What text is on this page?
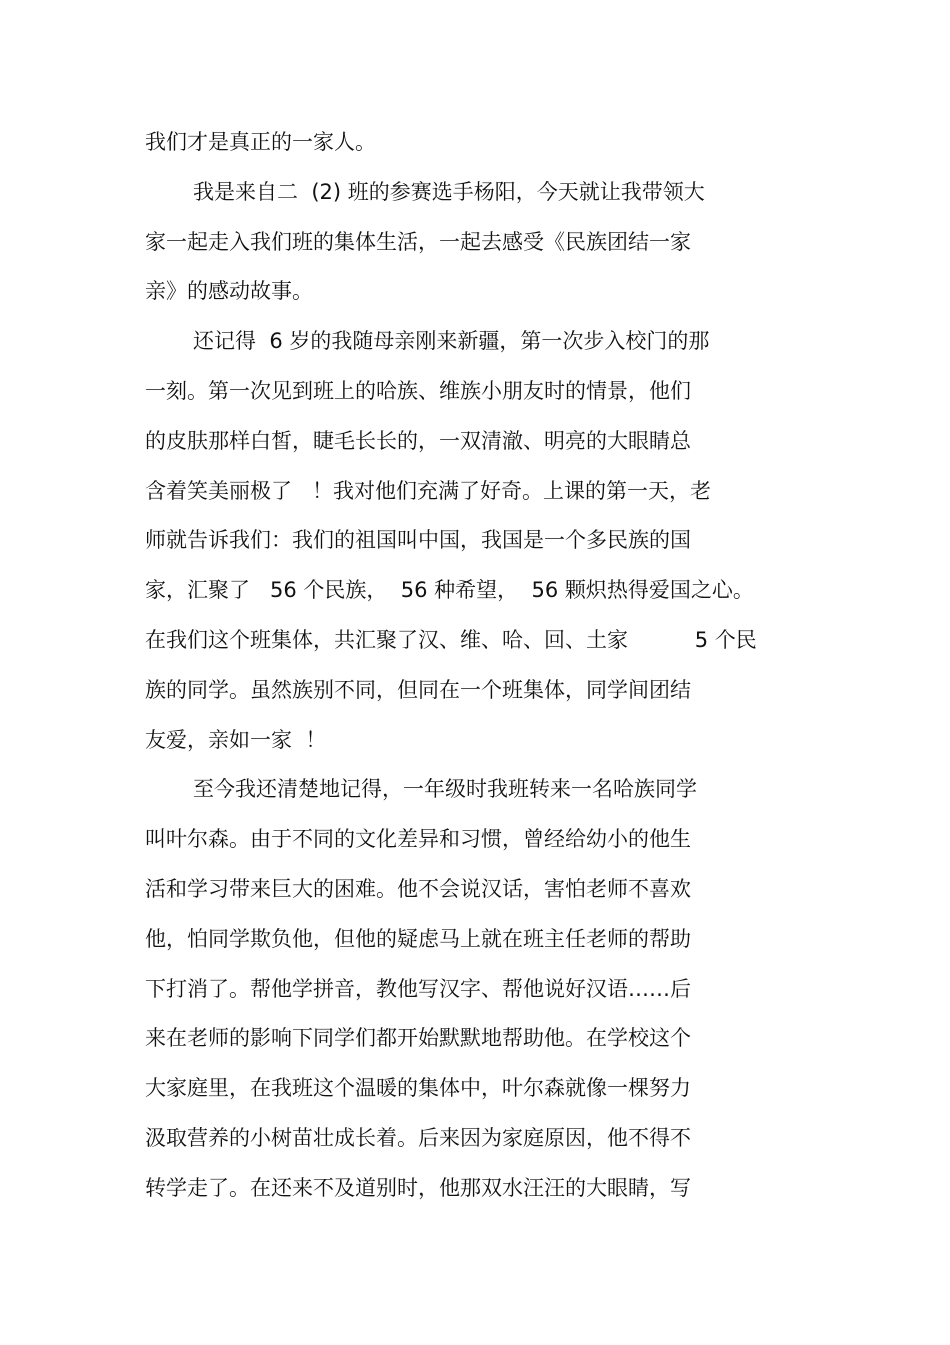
我们才是真正的一家人。
我是来自二  (2) 班的参赛选手杨阳，今天就让我带领大
家一起走入我们班的集体生活，一起去感受《民族团结一家
亲》的感动故事。
还记得  6 岁的我随母亲刚来新疆，第一次步入校门的那
一刻。第一次见到班上的哈族、维族小朋友时的情景，他们
的皮肤那样白皙，睫毛长长的，一双清澈、明亮的大眼睛总
含着笑美丽极了   ！我对他们充满了好奇。上课的第一天，老
师就告诉我们：我们的祖国叫中国，我国是一个多民族的国
家，汇聚了   56 个民族，  56 种希望，  56 颗炽热得爱国之心。
在我们这个班集体，共汇聚了汉、维、哈、回、土家          5 个民
族的同学。虽然族别不同，但同在一个班集体，同学间团结
友爱，亲如一家  ！
至今我还清楚地记得，一年级时我班转来一名哈族同学
叫叶尔森。由于不同的文化差异和习惯，曾经给幼小的他生
活和学习带来巨大的困难。他不会说汉话，害怕老师不喜欢
他，怕同学欺负他，但他的疑虑马上就在班主任老师的帮助
下打消了。帮他学拼音，教他写汉字、帮他说好汉语……后
来在老师的影响下同学们都开始默默地帮助他。在学校这个
大家庭里，在我班这个温暖的集体中，叶尔森就像一棵努力
汲取营养的小树苗壮成长着。后来因为家庭原因，他不得不
转学走了。在还来不及道别时，他那双水汪汪的大眼睛，写
